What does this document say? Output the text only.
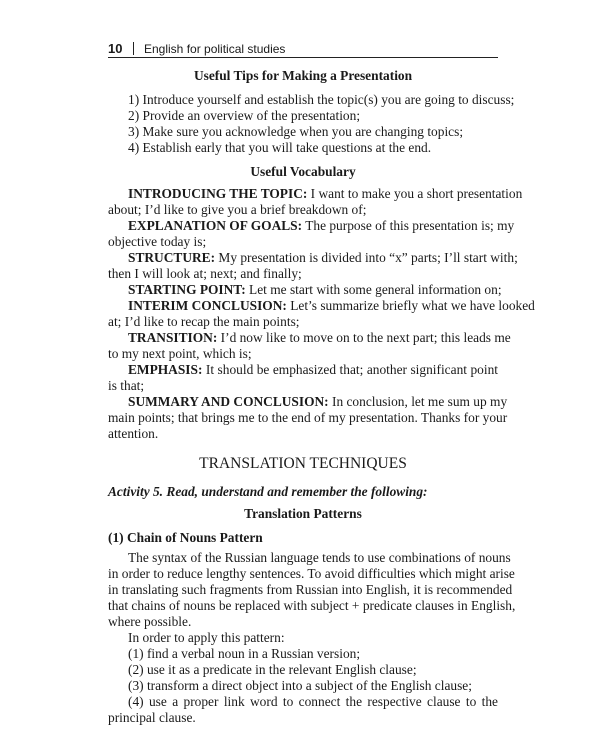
10 English for political studies
Useful Tips for Making a Presentation
1) Introduce yourself and establish the topic(s) you are going to discuss;
2) Provide an overview of the presentation;
3) Make sure you acknowledge when you are changing topics;
4) Establish early that you will take questions at the end.
Useful Vocabulary
INTRODUCING THE TOPIC: I want to make you a short presentation
about; I’d like to give you a brief breakdown of;
EXPLANATION OF GOALS: The purpose of this presentation is; my
objective today is;
STRUCTURE: My presentation is divided into “x” parts; I’ll start with;
then I will look at; next; and finally;
STARTING POINT: Let me start with some general information on;
INTERIM CONCLUSION: Let’s summarize briefly what we have looked
at; I’d like to recap the main points;
TRANSITION: I’d now like to move on to the next part; this leads me
to my next point, which is;
EMPHASIS: It should be emphasized that; another significant point
is that;
SUMMARY AND CONCLUSION: In conclusion, let me sum up my
main points; that brings me to the end of my presentation. Thanks for your
attention.
TRANSLATION TECHNIQUES
Activity 5. Read, understand and remember the following:
Translation Patterns
(1) Chain of Nouns Pattern
The syntax of the Russian language tends to use combinations of nouns
in order to reduce lengthy sentences. To avoid difficulties which might arise
in translating such fragments from Russian into English, it is recommended
that chains of nouns be replaced with subject + predicate clauses in English,
where possible.
In order to apply this pattern:
(1) find a verbal noun in a Russian version;
(2) use it as a predicate in the relevant English clause;
(3) transform a direct object into a subject of the English clause;
(4) use a proper link word to connect the respective clause to the
principal clause.
